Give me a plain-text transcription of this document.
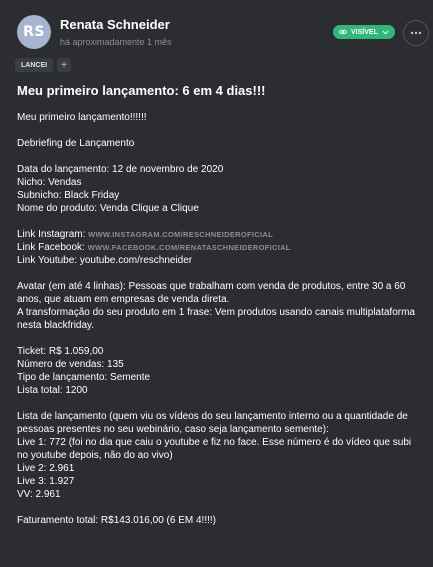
RS	Renata Schneider
há aproximadamente 1 mês
VISÍVEL
LANCEI	+
Meu primeiro lançamento: 6 em 4 dias!!!

Meu primeiro lançamento!!!!!!

Debriefing de Lançamento

Data do lançamento: 12 de novembro de 2020

Nicho: Vendas

Subnicho: Black Friday

Nome do produto: Venda Clique a Clique

Link Instagram: WWW.INSTAGRAM.COM/RESCHNEIDEROFICIAL

Link Facebook: WWW.FACEBOOK.COM/RENATASCHNEIDEROFICIAL

Link Youtube: youtube.com/reschneider

Avatar (em até 4 linhas): Pessoas que trabalham com venda de produtos, entre 30 a 60 anos, que atuam em empresas de venda direta.

A transformação do seu produto em 1 frase: Vem produtos usando canais multiplataforma nesta blackfriday.

Ticket: R$ 1.059,00

Número de vendas: 135

Tipo de lançamento: Semente

Lista total: 1200

Lista de lançamento (quem viu os vídeos do seu lançamento interno ou a quantidade de pessoas presentes no seu webinário, caso seja lançamento semente):

Live 1: 772 (foi no dia que caiu o youtube e fiz no face. Esse número é do vídeo que subi no youtube depois, não do ao vivo)

Live 2: 2.961

Live 3: 1.927

VV: 2.961

Faturamento total: R$143.016,00 (6 EM 4!!!!)
